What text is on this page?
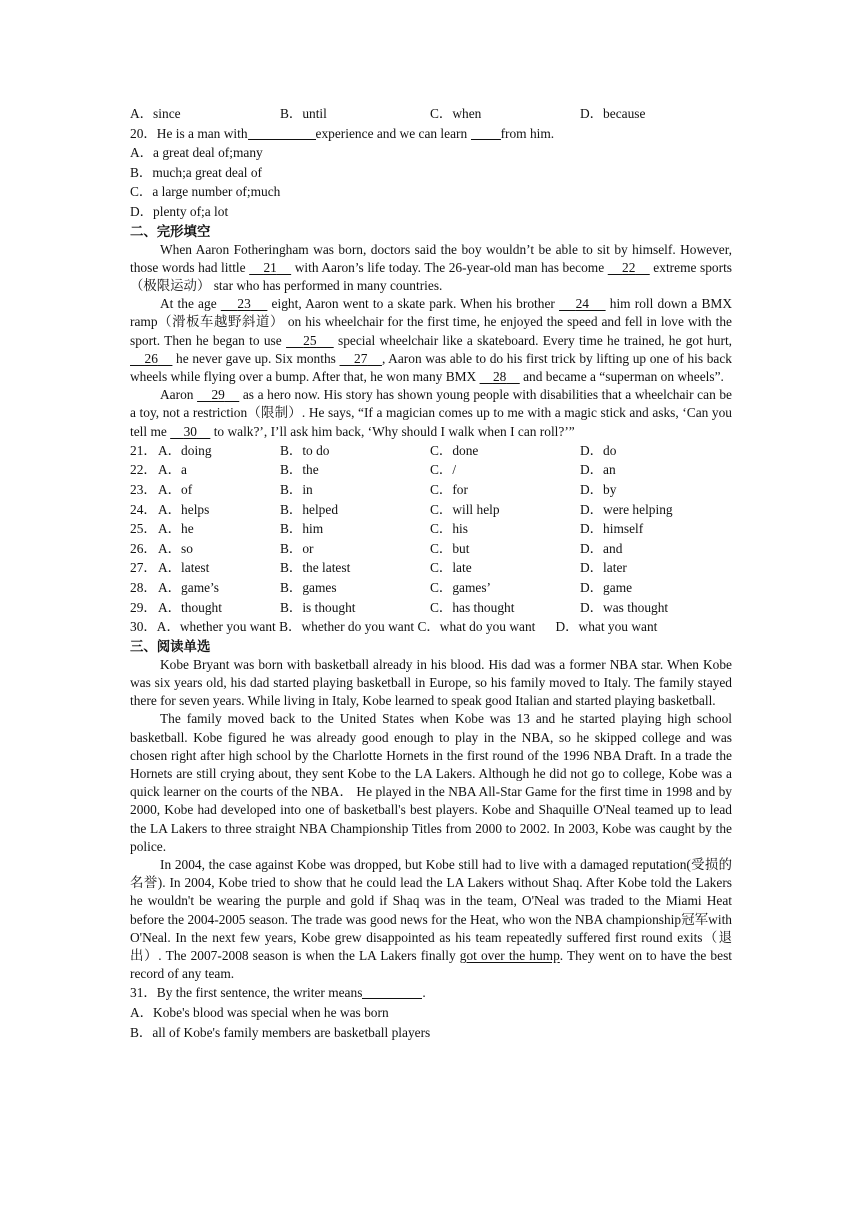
A．since	B．until	C．when	D．because
20．He is a man with	experience and we can learn from him.
A．a great deal of;many
B．much;a great deal of
C．a large number of;much
D．plenty of;a lot
二、完形填空
When Aaron Fotheringham was born, doctors said the boy wouldn’t be able to sit by himself. However, those words had little     21     with Aaron’s life today. The 26-year-old man has become     22     extreme sports（极限运动） star who has performed in many countries.
At the age     23     eight, Aaron went to a skate park. When his brother     24     him roll down a BMX ramp（滑板车越野斜道） on his wheelchair for the first time, he enjoyed the speed and fell in love with the sport. Then he began to use     25     special wheelchair like a skateboard. Every time he trained, he got hurt,     26     he never gave up. Six months     27 , Aaron was able to do his first trick by lifting up one of his back wheels while flying over a bump. After that, he won many BMX     28     and became a “superman on wheels”.
Aaron     29     as a hero now. His story has shown young people with disabilities that a wheelchair can be a toy, not a restriction（限制）. He says, “If a magician comes up to me with a magic stick and asks, ‘Can you tell me     30     to walk?’, I’ll ask him back, ‘Why should I walk when I can roll?’”
21． A．doing	B．to do	C．done	D．do
22． A．a	B．the	C．/	D．an
23． A．of	B．in	C．for	D．by
24． A．helps	B．helped	C．will help	D．were helping
25． A．he	B．him	C．his	D．himself
26． A．so	B．or	C．but	D．and
27． A．latest	B．the latest	C．late	D．later
28． A．game’s	B．games	C．games’	D．game
29． A．thought	B．is thought	C．has thought	D．was thought
30．A．whether you want B．whether do you want C．what do you want      D．what you want
三、阅读单选
Kobe Bryant was born with basketball already in his blood. His dad was a former NBA star. When Kobe was six years old, his dad started playing basketball in Europe, so his family moved to Italy. The family stayed there for seven years. While living in Italy, Kobe learned to speak good Italian and started playing basketball.
The family moved back to the United States when Kobe was 13 and he started playing high school basketball. Kobe figured he was already good enough to play in the NBA, so he skipped college and was chosen right after high school by the Charlotte Hornets in the first round of the 1996 NBA Draft. In a trade the Hornets are still crying about, they sent Kobe to the LA Lakers. Although he did not go to college, Kobe was a quick learner on the courts of the NBA． He played in the NBA All-Star Game for the first time in 1998 and by 2000, Kobe had developed into one of basketball's best players. Kobe and Shaquille O'Neal teamed up to lead the LA Lakers to three straight NBA Championship Titles from 2000 to 2002. In 2003, Kobe was caught by the police.
In 2004, the case against Kobe was dropped, but Kobe still had to live with a damaged reputation(受损的名誉). In 2004, Kobe tried to show that he could lead the LA Lakers without Shaq. After Kobe told the Lakers he wouldn't be wearing the purple and gold if Shaq was in the team, O'Neal was traded to the Miami Heat before the 2004-2005 season. The trade was good news for the Heat, who won the NBA championship冠军with O'Neal. In the next few years, Kobe grew disappointed as his team repeatedly suffered first round exits（退出）. The 2007-2008 season is when the LA Lakers finally got over the hump. They went on to have the best record of any team.
31．By the first sentence, the writer means	.
A．Kobe's blood was special when he was born
B．all of Kobe's family members are basketball players
